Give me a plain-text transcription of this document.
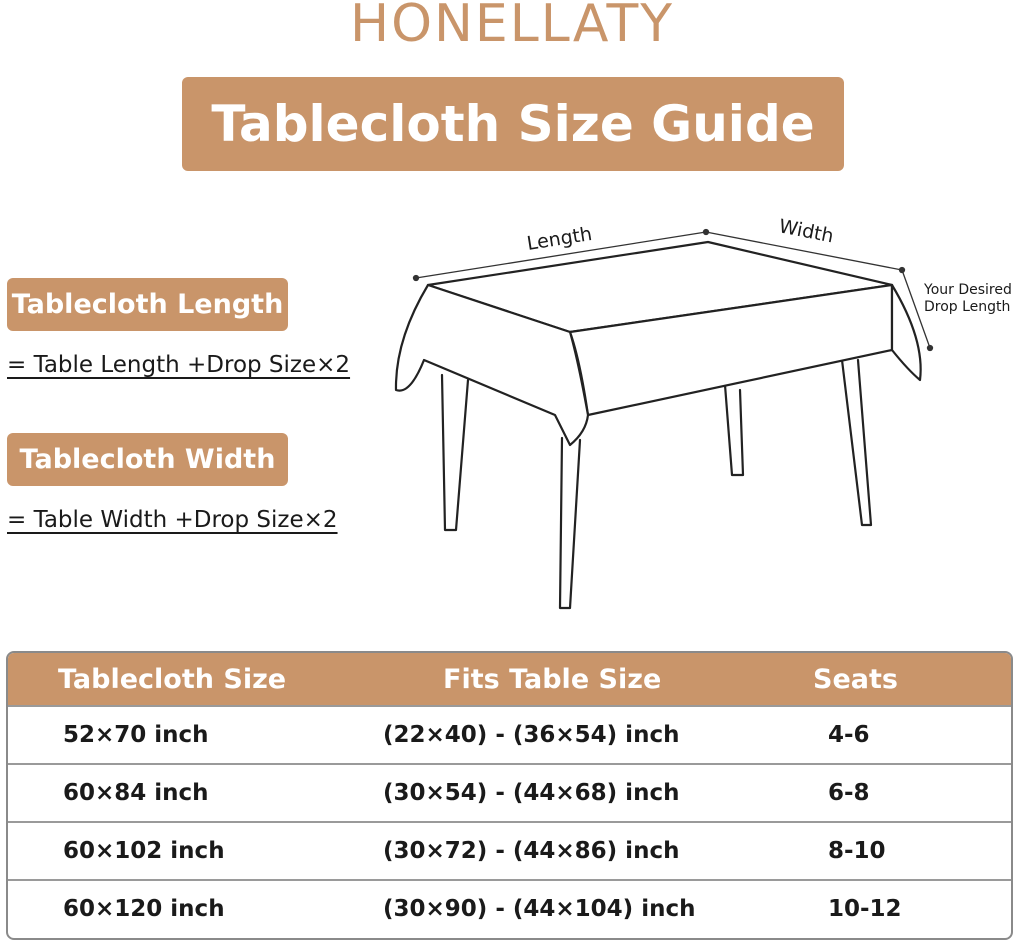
HONELLATY
Tablecloth Size Guide
Tablecloth Length
= Table Length +Drop Size×2
Tablecloth Width
= Table Width +Drop Size×2
Length	Width
Your Desired
Drop Length
Tablecloth Size	Fits Table Size	Seats
52×70 inch	(22×40) - (36×54) inch	4-6
60×84 inch	(30×54) - (44×68) inch	6-8
60×102 inch	(30×72) - (44×86) inch	8-10
60×120 inch	(30×90) - (44×104) inch	10-12
